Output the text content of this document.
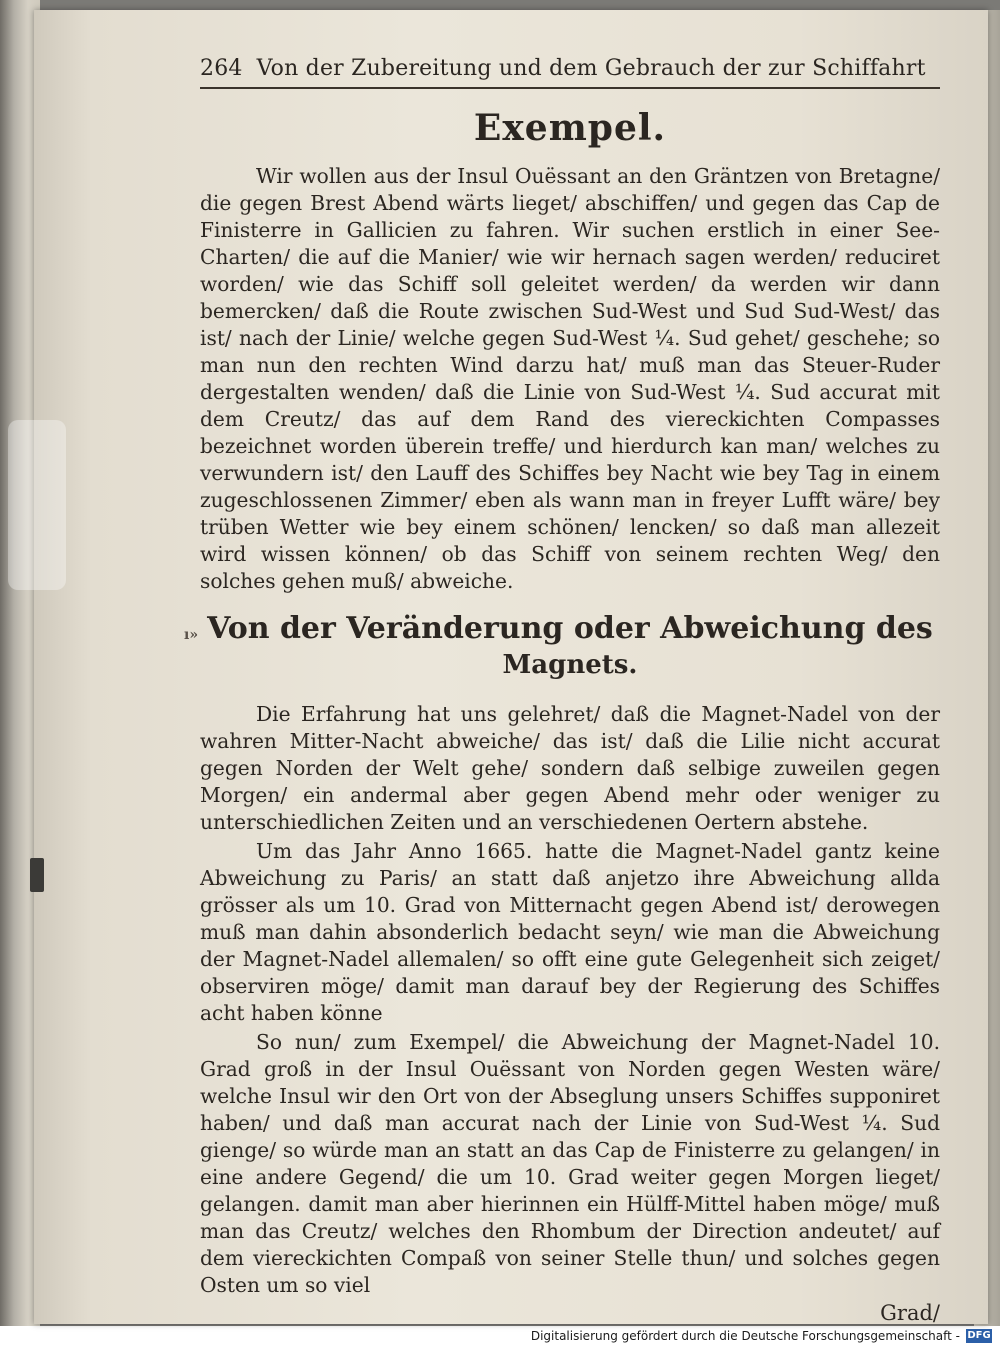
264 Von der Zubereitung und dem Gebrauch der zur Schiffahrt
Exempel.

Wir wollen aus der Insul Ouëssant an den Gräntzen von Bretagne/ die gegen Brest Abend wärts lieget/ abschiffen/ und gegen das Cap de Finisterre in Gallicien zu fahren. Wir suchen erstlich in einer See-Charten/ die auf die Manier/ wie wir hernach sagen werden/ reduciret worden/ wie das Schiff soll geleitet werden/ da werden wir dann bemercken/ daß die Route zwischen Sud-West und Sud Sud-West/ das ist/ nach der Linie/ welche gegen Sud-West ¼. Sud gehet/ geschehe; so man nun den rechten Wind darzu hat/ muß man das Steuer-Ruder dergestalten wenden/ daß die Linie von Sud-West ¼. Sud accurat mit dem Creutz/ das auf dem Rand des viereckichten Compasses bezeichnet worden überein treffe/ und hierdurch kan man/ welches zu verwundern ist/ den Lauff des Schiffes bey Nacht wie bey Tag in einem zugeschlossenen Zimmer/ eben als wann man in freyer Lufft wäre/ bey trüben Wetter wie bey einem schönen/ lencken/ so daß man allezeit wird wissen können/ ob das Schiff von seinem rechten Weg/ den solches gehen muß/ abweiche.

ı» Von der Veränderung oder Abweichung des
Magnets.

Die Erfahrung hat uns gelehret/ daß die Magnet-Nadel von der wahren Mitter-Nacht abweiche/ das ist/ daß die Lilie nicht accurat gegen Norden der Welt gehe/ sondern daß selbige zuweilen gegen Morgen/ ein andermal aber gegen Abend mehr oder weniger zu unterschiedlichen Zeiten und an verschiedenen Oertern abstehe.

Um das Jahr Anno 1665. hatte die Magnet-Nadel gantz keine Abweichung zu Paris/ an statt daß anjetzo ihre Abweichung allda grösser als um 10. Grad von Mitternacht gegen Abend ist/ derowegen muß man dahin absonderlich bedacht seyn/ wie man die Abweichung der Magnet-Nadel allemalen/ so offt eine gute Gelegenheit sich zeiget/ observiren möge/ damit man darauf bey der Regierung des Schiffes acht haben könne

So nun/ zum Exempel/ die Abweichung der Magnet-Nadel 10. Grad groß in der Insul Ouëssant von Norden gegen Westen wäre/ welche Insul wir den Ort von der Abseglung unsers Schiffes supponiret haben/ und daß man accurat nach der Linie von Sud-West ¼. Sud gienge/ so würde man an statt an das Cap de Finisterre zu gelangen/ in eine andere Gegend/ die um 10. Grad weiter gegen Morgen lieget/ gelangen. damit man aber hierinnen ein Hülff-Mittel haben möge/ muß man das Creutz/ welches den Rhombum der Direction andeutet/ auf dem viereckichten Compaß von seiner Stelle thun/ und solches gegen Osten um so viel

Grad/
Digitalisierung gefördert durch die Deutsche Forschungsgemeinschaft - DFG
